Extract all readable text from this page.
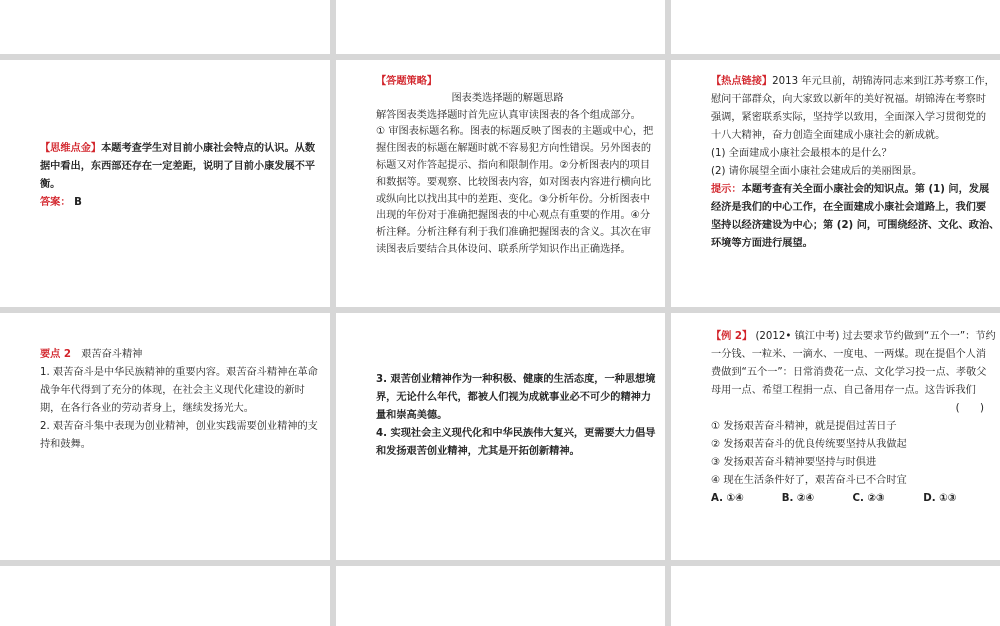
【思维点金】本题考查学生对目前小康社会特点的认识。从数
据中看出，东西部还存在一定差距，说明了目前小康发展不平
衡。
答案： B
【答题策略】
图表类选择题的解题思路
解答图表类选择题时首先应认真审读图表的各个组成部分。
① 审图表标题名称。图表的标题反映了图表的主题或中心，把
握住图表的标题在解题时就不容易犯方向性错误。另外图表的
标题又对作答起提示、指向和限制作用。②分析图表内的项目
和数据等。要观察、比较图表内容，如对图表内容进行横向比
或纵向比以找出其中的差距、变化。③分析年份。分析图表中
出现的年份对于准确把握图表的中心观点有重要的作用。④分
析注释。分析注释有利于我们准确把握图表的含义。其次在审
读图表后要结合具体设问、联系所学知识作出正确选择。
【热点链接】2013 年元旦前，胡锦涛同志来到江苏考察工作，
慰问干部群众，向大家致以新年的美好祝福。胡锦涛在考察时
强调，紧密联系实际，坚持学以致用，全面深入学习贯彻党的
十八大精神，奋力创造全面建成小康社会的新成就。
(1) 全面建成小康社会最根本的是什么？
(2) 请你展望全面小康社会建成后的美丽图景。
提示：本题考查有关全面小康社会的知识点。第 (1) 问，发展
经济是我们的中心工作，在全面建成小康社会道路上，我们要
坚持以经济建设为中心；第 (2) 问，可围绕经济、文化、政治、
环境等方面进行展望。
要点 2　艰苦奋斗精神
1. 艰苦奋斗是中华民族精神的重要内容。艰苦奋斗精神在革命
战争年代得到了充分的体现，在社会主义现代化建设的新时
期，在各行各业的劳动者身上，继续发扬光大。
2. 艰苦奋斗集中表现为创业精神，创业实践需要创业精神的支
持和鼓舞。
3. 艰苦创业精神作为一种积极、健康的生活态度，一种思想境
界，无论什么年代，都被人们视为成就事业必不可少的精神力
量和崇高美德。
4. 实现社会主义现代化和中华民族伟大复兴，更需要大力倡导
和发扬艰苦创业精神，尤其是开拓创新精神。
【例 2】 (2012• 镇江中考) 过去要求节约做到“五个一”：节约
一分钱、一粒米、一滴水、一度电、一两煤。现在提倡个人消
费做到“五个一”：日常消费花一点、文化学习投一点、孝敬父
母用一点、希望工程捐一点、自己备用存一点。这告诉我们
(　　)
① 发扬艰苦奋斗精神，就是提倡过苦日子
② 发扬艰苦奋斗的优良传统要坚持从我做起
③ 发扬艰苦奋斗精神要坚持与时俱进
④ 现在生活条件好了，艰苦奋斗已不合时宜
A. ①④	B. ②④	C. ②③	D. ①③
